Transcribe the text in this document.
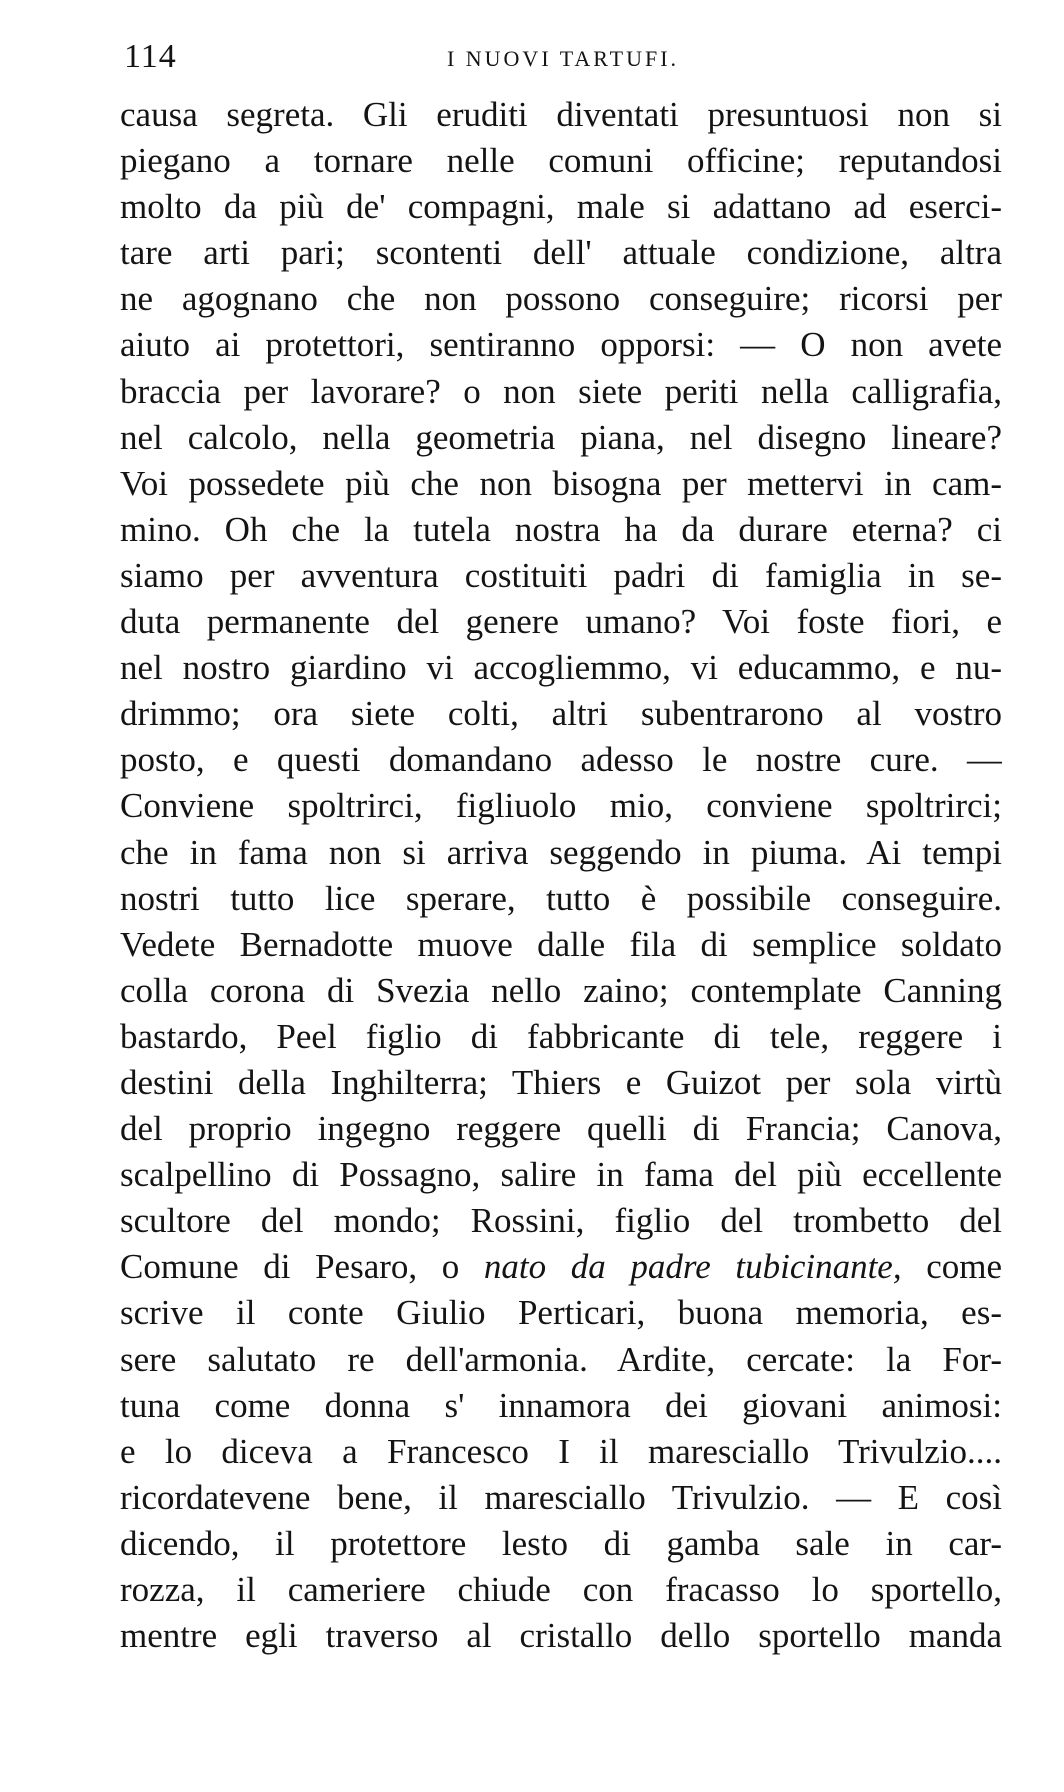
114	I NUOVI TARTUFI.
causa segreta. Gli eruditi diventati presuntuosi non si
piegano a tornare nelle comuni officine; reputandosi
molto da più de' compagni, male si adattano ad eserci-
tare arti pari; scontenti dell' attuale condizione, altra
ne agognano che non possono conseguire; ricorsi per
aiuto ai protettori, sentiranno opporsi: — O non avete
braccia per lavorare? o non siete periti nella calligrafia,
nel calcolo, nella geometria piana, nel disegno lineare?
Voi possedete più che non bisogna per mettervi in cam-
mino. Oh che la tutela nostra ha da durare eterna? ci
siamo per avventura costituiti padri di famiglia in se-
duta permanente del genere umano? Voi foste fiori, e
nel nostro giardino vi accogliemmo, vi educammo, e nu-
drimmo; ora siete colti, altri subentrarono al vostro
posto, e questi domandano adesso le nostre cure. —
Conviene spoltrirci, figliuolo mio, conviene spoltrirci;
che in fama non si arriva seggendo in piuma. Ai tempi
nostri tutto lice sperare, tutto è possibile conseguire.
Vedete Bernadotte muove dalle fila di semplice soldato
colla corona di Svezia nello zaino; contemplate Canning
bastardo, Peel figlio di fabbricante di tele, reggere i
destini della Inghilterra; Thiers e Guizot per sola virtù
del proprio ingegno reggere quelli di Francia; Canova,
scalpellino di Possagno, salire in fama del più eccellente
scultore del mondo; Rossini, figlio del trombetto del
Comune di Pesaro, o nato da padre tubicinante, come
scrive il conte Giulio Perticari, buona memoria, es-
sere salutato re dell'armonia. Ardite, cercate: la For-
tuna come donna s' innamora dei giovani animosi:
e lo diceva a Francesco I il maresciallo Trivulzio....
ricordatevene bene, il maresciallo Trivulzio. — E così
dicendo, il protettore lesto di gamba sale in car-
rozza, il cameriere chiude con fracasso lo sportello,
mentre egli traverso al cristallo dello sportello manda
